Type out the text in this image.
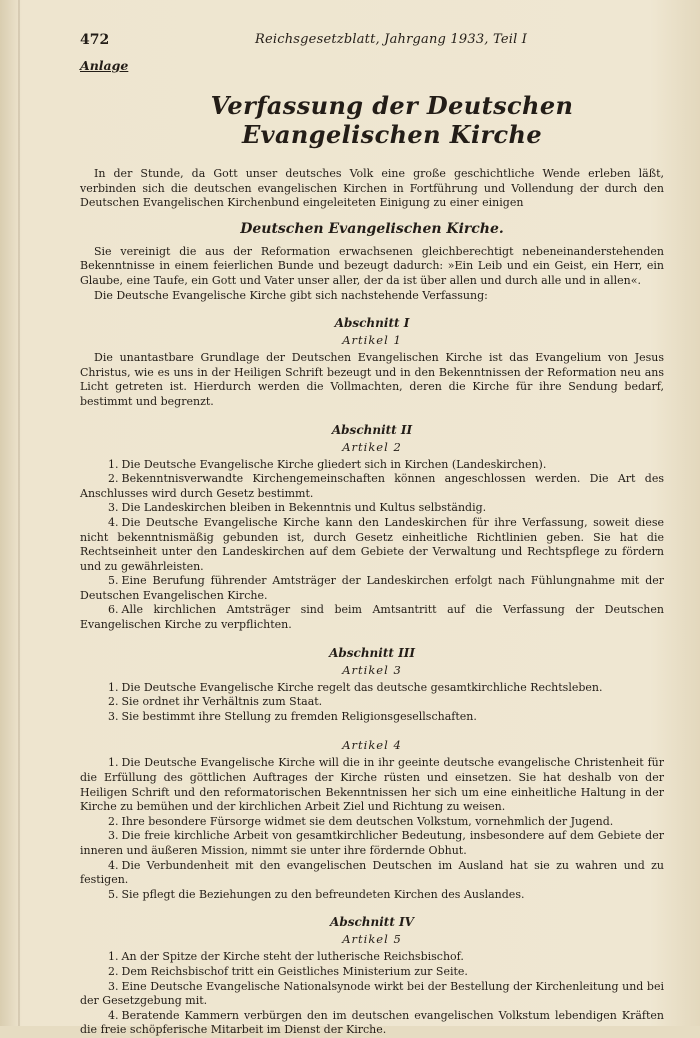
472	Reichsgesetzblatt, Jahrgang 1933, Teil I
Anlage
Verfassung der Deutschen Evangelischen Kirche

In der Stunde, da Gott unser deutsches Volk eine große geschichtliche Wende erleben läßt, verbinden sich die deutschen evangelischen Kirchen in Fortführung und Vollendung der durch den Deutschen Evangelischen Kirchenbund eingeleiteten Einigung zu einer einigen

Deutschen Evangelischen Kirche.

Sie vereinigt die aus der Reformation erwachsenen gleichberechtigt nebeneinanderstehenden Bekenntnisse in einem feierlichen Bunde und bezeugt dadurch: »Ein Leib und ein Geist, ein Herr, ein Glaube, eine Taufe, ein Gott und Vater unser aller, der da ist über allen und durch alle und in allen«.

Die Deutsche Evangelische Kirche gibt sich nachstehende Verfassung:

Abschnitt I
Artikel 1

Die unantastbare Grundlage der Deutschen Evangelischen Kirche ist das Evangelium von Jesus Christus, wie es uns in der Heiligen Schrift bezeugt und in den Bekenntnissen der Reformation neu ans Licht getreten ist. Hierdurch werden die Vollmachten, deren die Kirche für ihre Sendung bedarf, bestimmt und begrenzt.

Abschnitt II
Artikel 2
1. Die Deutsche Evangelische Kirche gliedert sich in Kirchen (Landeskirchen).
2. Bekenntnisverwandte Kirchengemeinschaften können angeschlossen werden. Die Art des Anschlusses wird durch Gesetz bestimmt.
3. Die Landeskirchen bleiben in Bekenntnis und Kultus selbständig.
4. Die Deutsche Evangelische Kirche kann den Landeskirchen für ihre Verfassung, soweit diese nicht bekenntnismäßig gebunden ist, durch Gesetz einheitliche Richtlinien geben. Sie hat die Rechtseinheit unter den Landeskirchen auf dem Gebiete der Verwaltung und Rechtspflege zu fördern und zu gewährleisten.
5. Eine Berufung führender Amtsträger der Landeskirchen erfolgt nach Fühlungnahme mit der Deutschen Evangelischen Kirche.
6. Alle kirchlichen Amtsträger sind beim Amtsantritt auf die Verfassung der Deutschen Evangelischen Kirche zu verpflichten.
Abschnitt III
Artikel 3
1. Die Deutsche Evangelische Kirche regelt das deutsche gesamtkirchliche Rechtsleben.
2. Sie ordnet ihr Verhältnis zum Staat.
3. Sie bestimmt ihre Stellung zu fremden Religionsgesellschaften.
Artikel 4
1. Die Deutsche Evangelische Kirche will die in ihr geeinte deutsche evangelische Christenheit für die Erfüllung des göttlichen Auftrages der Kirche rüsten und einsetzen. Sie hat deshalb von der Heiligen Schrift und den reformatorischen Bekenntnissen her sich um eine einheitliche Haltung in der Kirche zu bemühen und der kirchlichen Arbeit Ziel und Richtung zu weisen.
2. Ihre besondere Fürsorge widmet sie dem deutschen Volkstum, vornehmlich der Jugend.
3. Die freie kirchliche Arbeit von gesamtkirchlicher Bedeutung, insbesondere auf dem Gebiete der inneren und äußeren Mission, nimmt sie unter ihre fördernde Obhut.
4. Die Verbundenheit mit den evangelischen Deutschen im Ausland hat sie zu wahren und zu festigen.
5. Sie pflegt die Beziehungen zu den befreundeten Kirchen des Auslandes.
Abschnitt IV
Artikel 5
1. An der Spitze der Kirche steht der lutherische Reichsbischof.
2. Dem Reichsbischof tritt ein Geistliches Ministerium zur Seite.
3. Eine Deutsche Evangelische Nationalsynode wirkt bei der Bestellung der Kirchenleitung und bei der Gesetzgebung mit.
4. Beratende Kammern verbürgen den im deutschen evangelischen Volkstum lebendigen Kräften die freie schöpferische Mitarbeit im Dienst der Kirche.
